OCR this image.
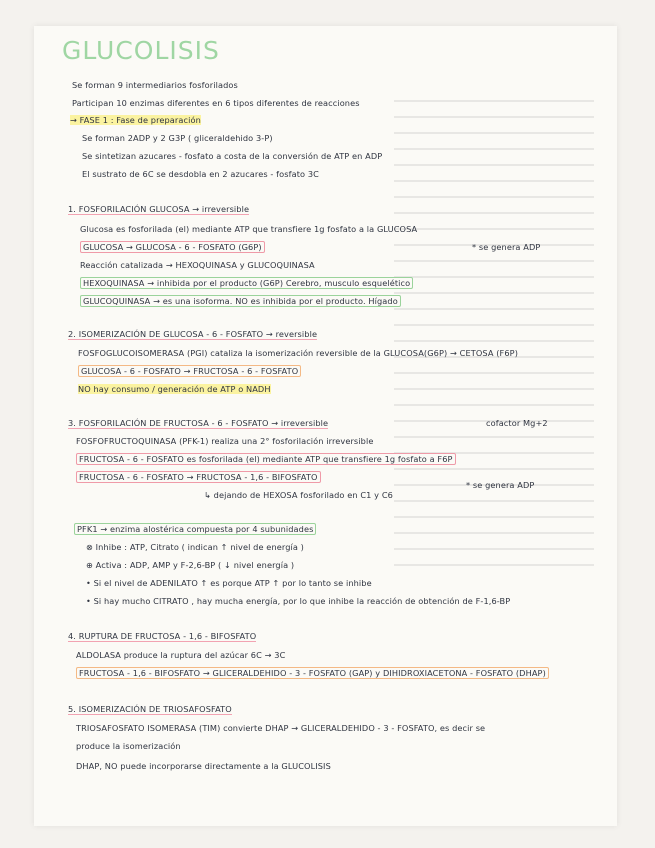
GLUCOLISIS
Se forman 9 intermediarios fosforilados
Participan 10 enzimas diferentes en 6 tipos diferentes de reacciones
→ FASE 1 : Fase de preparación
Se forman 2ADP y 2 G3P ( gliceraldehido 3-P)
Se sintetizan azucares - fosfato a costa de la conversión de ATP en ADP
El sustrato de 6C se desdobla en 2 azucares - fosfato 3C
1. FOSFORILACIÓN GLUCOSA → irreversible
Glucosa es fosforilada (el) mediante ATP que transfiere 1g fosfato a la GLUCOSA
GLUCOSA → GLUCOSA - 6 - FOSFATO (G6P)	* se genera ADP
Reacción catalizada → HEXOQUINASA y GLUCOQUINASA
HEXOQUINASA → inhibida por el producto (G6P) Cerebro, musculo esquelético
GLUCOQUINASA → es una isoforma. NO es inhibida por el producto. Hígado
2. ISOMERIZACIÓN DE GLUCOSA - 6 - FOSFATO → reversible
FOSFOGLUCOISOMERASA (PGI) cataliza la isomerización reversible de la GLUCOSA(G6P) → CETOSA (F6P)
GLUCOSA - 6 - FOSFATO → FRUCTOSA - 6 - FOSFATO
NO hay consumo / generación de ATP o NADH
3. FOSFORILACIÓN DE FRUCTOSA - 6 - FOSFATO → irreversible	cofactor Mg+2
FOSFOFRUCTOQUINASA (PFK-1) realiza una 2° fosforilación irreversible
FRUCTOSA - 6 - FOSFATO es fosforilada (el) mediante ATP que transfiere 1g fosfato a F6P
FRUCTOSA - 6 - FOSFATO → FRUCTOSA - 1,6 - BIFOSFATO
* se genera ADP
↳ dejando de HEXOSA fosforilado en C1 y C6
PFK1 → enzima alostérica compuesta por 4 subunidades
⊗ Inhibe : ATP, Citrato ( indican ↑ nivel de energía )
⊕ Activa : ADP, AMP y F-2,6-BP ( ↓ nivel energía )
• Si el nivel de ADENILATO ↑ es porque ATP ↑ por lo tanto se inhibe
• Si hay mucho CITRATO , hay mucha energía, por lo que inhibe la reacción de obtención de F-1,6-BP
4. RUPTURA DE FRUCTOSA - 1,6 - BIFOSFATO
ALDOLASA produce la ruptura del azúcar 6C → 3C
FRUCTOSA - 1,6 - BIFOSFATO → GLICERALDEHIDO - 3 - FOSFATO (GAP) y DIHIDROXIACETONA - FOSFATO (DHAP)
5. ISOMERIZACIÓN DE TRIOSAFOSFATO
TRIOSAFOSFATO ISOMERASA (TIM) convierte DHAP → GLICERALDEHIDO - 3 - FOSFATO, es decir se
produce la isomerización
DHAP, NO puede incorporarse directamente a la GLUCOLISIS
